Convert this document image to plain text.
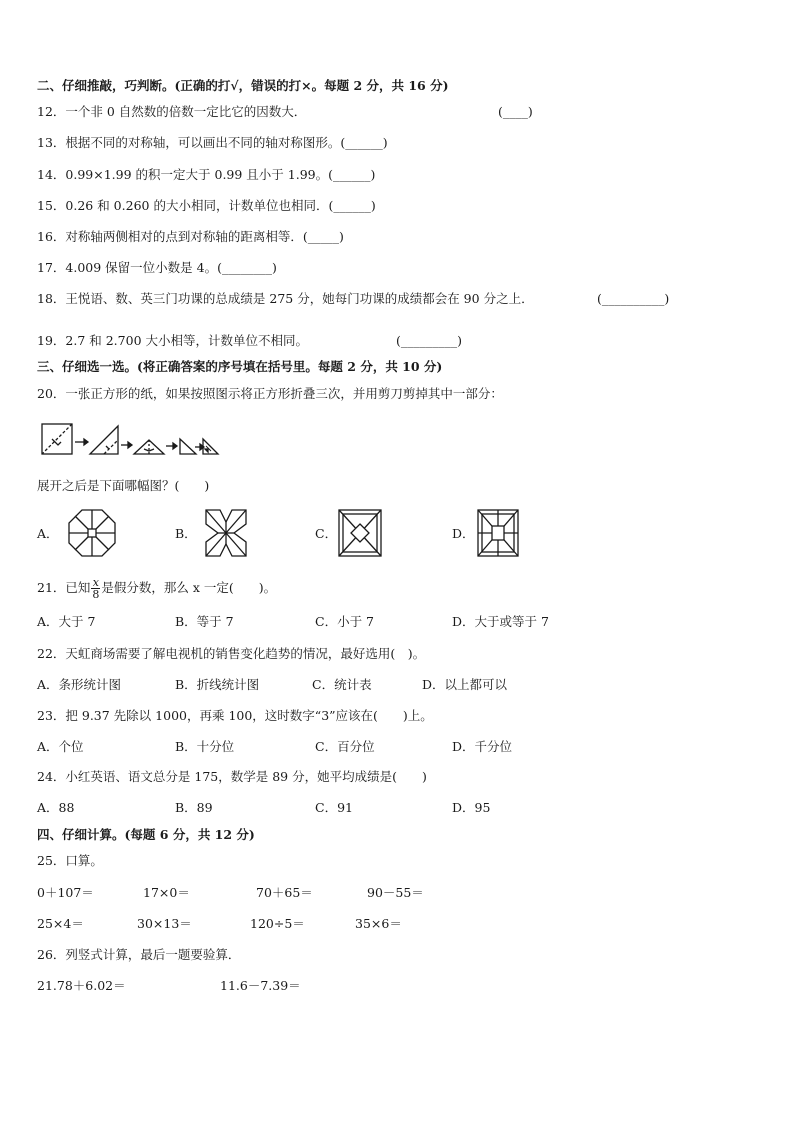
二、仔细推敲，巧判断。(正确的打√，错误的打×。每题 2 分，共 16 分)
12．一个非 0 自然数的倍数一定比它的因数大．	(____)
13．根据不同的对称轴，可以画出不同的轴对称图形。(______)
14．0.99×1.99 的积一定大于 0.99 且小于 1.99。(______)
15．0.26 和 0.260 的大小相同，计数单位也相同．(______)
16．对称轴两侧相对的点到对称轴的距离相等．(_____)
17．4.009 保留一位小数是 4。(________)
18．王悦语、数、英三门功课的总成绩是 275 分，她每门功课的成绩都会在 90 分之上．	(__________)
19．2.7 和 2.700 大小相等，计数单位不相同。	(_________)
三、仔细选一选。(将正确答案的序号填在括号里。每题 2 分，共 10 分)
20．一张正方形的纸，如果按照图示将正方形折叠三次，并用剪刀剪掉其中一部分：
展开之后是下面哪幅图？(　　)
A．	B．	C．	D．
21．已知 $\frac{x}{8}$ 是假分数，那么 x 一定(　　)。
A．大于 7	B．等于 7	C．小于 7	D．大于或等于 7
22．天虹商场需要了解电视机的销售变化趋势的情况，最好选用(　)。
A．条形统计图	B．折线统计图	C．统计表	D．以上都可以
23．把 9.37 先除以 1000，再乘 100，这时数字“3”应该在(　　)上。
A．个位	B．十分位	C．百分位	D．千分位
24．小红英语、语文总分是 175，数学是 89 分，她平均成绩是(　　)
A．88	B．89	C．91	D．95
四、仔细计算。(每题 6 分，共 12 分)
25．口算。
0＋107＝	17×0＝	70＋65＝	90－55＝
25×4＝	30×13＝	120÷5＝	35×6＝
26．列竖式计算，最后一题要验算．
21.78＋6.02＝	11.6－7.39＝
